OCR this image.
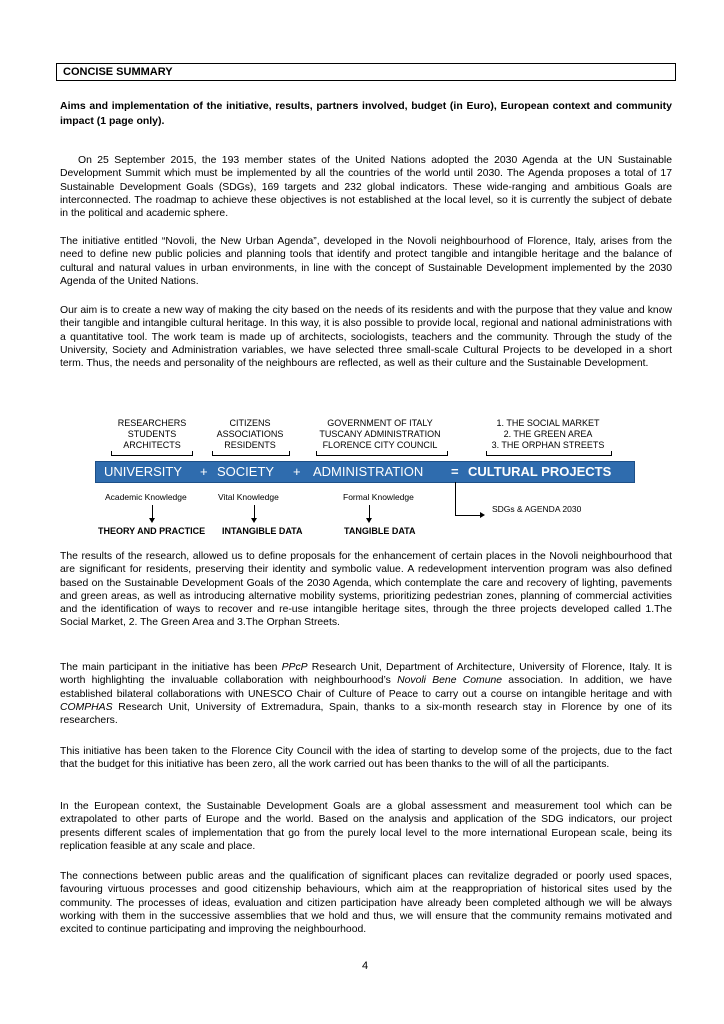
CONCISE SUMMARY
Aims and implementation of the initiative, results, partners involved, budget (in Euro), European context and community impact (1 page only).

On 25 September 2015, the 193 member states of the United Nations adopted the 2030 Agenda at the UN Sustainable Development Summit which must be implemented by all the countries of the world until 2030. The Agenda proposes a total of 17 Sustainable Development Goals (SDGs), 169 targets and 232 global indicators. These wide-ranging and ambitious Goals are interconnected. The roadmap to achieve these objectives is not established at the local level, so it is currently the subject of debate in the political and academic sphere.

The initiative entitled “Novoli, the New Urban Agenda”, developed in the Novoli neighbourhood of Florence, Italy, arises from the need to define new public policies and planning tools that identify and protect tangible and intangible heritage and the balance of cultural and natural values in urban environments, in line with the concept of Sustainable Development implemented by the 2030 Agenda of the United Nations.

Our aim is to create a new way of making the city based on the needs of its residents and with the purpose that they value and know their tangible and intangible cultural heritage. In this way, it is also possible to provide local, regional and national administrations with a quantitative tool. The work team is made up of architects, sociologists, teachers and the community. Through the study of the University, Society and Administration variables, we have selected three small-scale Cultural Projects to be developed in a short term. Thus, the needs and personality of the neighbours are reflected, as well as their culture and the Sustainable Development.

RESEARCHERS
STUDENTS
ARCHITECTS
CITIZENS
ASSOCIATIONS
RESIDENTS
GOVERNMENT OF ITALY
TUSCANY ADMINISTRATION
FLORENCE CITY COUNCIL
1. THE SOCIAL MARKET
2. THE GREEN AREA
3. THE ORPHAN STREETS
UNIVERSITY + SOCIETY + ADMINISTRATION = CULTURAL PROJECTS
Academic Knowledge	Vital Knowledge	Formal Knowledge
THEORY AND PRACTICE INTANGIBLE DATA	TANGIBLE DATA
SDGs & AGENDA 2030

The results of the research, allowed us to define proposals for the enhancement of certain places in the Novoli neighbourhood that are significant for residents, preserving their identity and symbolic value. A redevelopment intervention program was also defined based on the Sustainable Development Goals of the 2030 Agenda, which contemplate the care and recovery of lighting, pavements and green areas, as well as introducing alternative mobility systems, prioritizing pedestrian zones, planning of commercial activities and the identification of ways to recover and re-use intangible heritage sites, through the three projects developed called 1.The Social Market, 2. The Green Area and 3.The Orphan Streets.

The main participant in the initiative has been PPcP Research Unit, Department of Architecture, University of Florence, Italy. It is worth highlighting the invaluable collaboration with neighbourhood’s Novoli Bene Comune association. In addition, we have established bilateral collaborations with UNESCO Chair of Culture of Peace to carry out a course on intangible heritage and with COMPHAS Research Unit, University of Extremadura, Spain, thanks to a six-month research stay in Florence by one of its researchers.

This initiative has been taken to the Florence City Council with the idea of starting to develop some of the projects, due to the fact that the budget for this initiative has been zero, all the work carried out has been thanks to the will of all the participants.

In the European context, the Sustainable Development Goals are a global assessment and measurement tool which can be extrapolated to other parts of Europe and the world. Based on the analysis and application of the SDG indicators, our project presents different scales of implementation that go from the purely local level to the more international European scale, being its replication feasible at any scale and place.

The connections between public areas and the qualification of significant places can revitalize degraded or poorly used spaces, favouring virtuous processes and good citizenship behaviours, which aim at the reappropriation of historical sites used by the community. The processes of ideas, evaluation and citizen participation have already been completed although we will be always working with them in the successive assemblies that we hold and thus, we will ensure that the community remains motivated and excited to continue participating and improving the neighbourhood.

4
